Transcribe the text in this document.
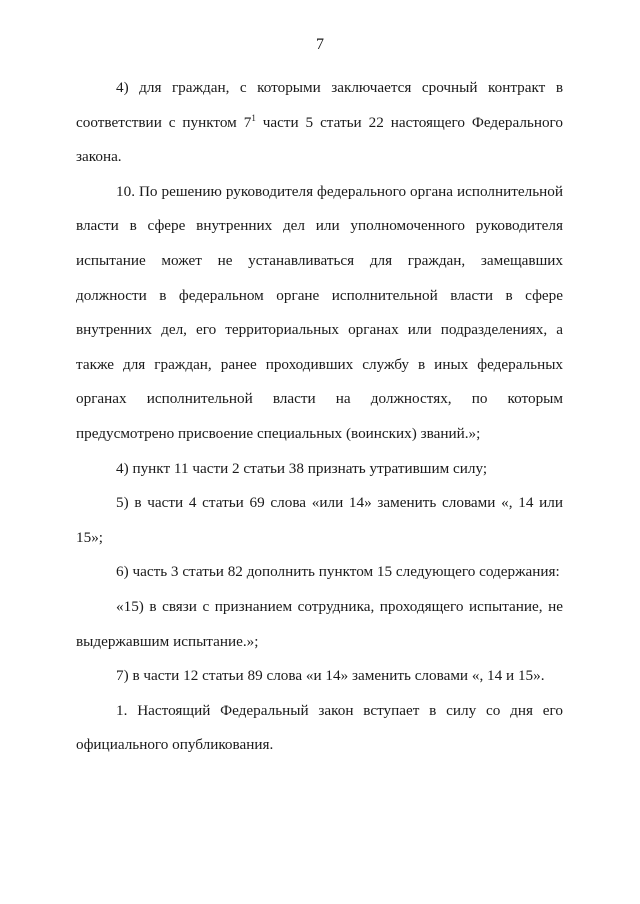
7

4) для граждан, с которыми заключается срочный контракт в соответствии с пунктом $7^1$ части 5 статьи 22 настоящего Федерального закона.

10. По решению руководителя федерального органа исполнительной власти в сфере внутренних дел или уполномоченного руководителя испытание может не устанавливаться для граждан, замещавших должности в федеральном органе исполнительной власти в сфере внутренних дел, его территориальных органах или подразделениях, а также для граждан, ранее проходивших службу в иных федеральных органах исполнительной власти на должностях, по которым предусмотрено присвоение специальных (воинских) званий.»;

4) пункт 11 части 2 статьи 38 признать утратившим силу;

5) в части 4 статьи 69 слова «или 14» заменить словами «, 14 или 15»;

6) часть 3 статьи 82 дополнить пунктом 15 следующего содержания:

«15) в связи с признанием сотрудника, проходящего испытание, не выдержавшим испытание.»;

7) в части 12 статьи 89 слова «и 14» заменить словами «, 14 и 15».

1. Настоящий Федеральный закон вступает в силу со дня его официального опубликования.
